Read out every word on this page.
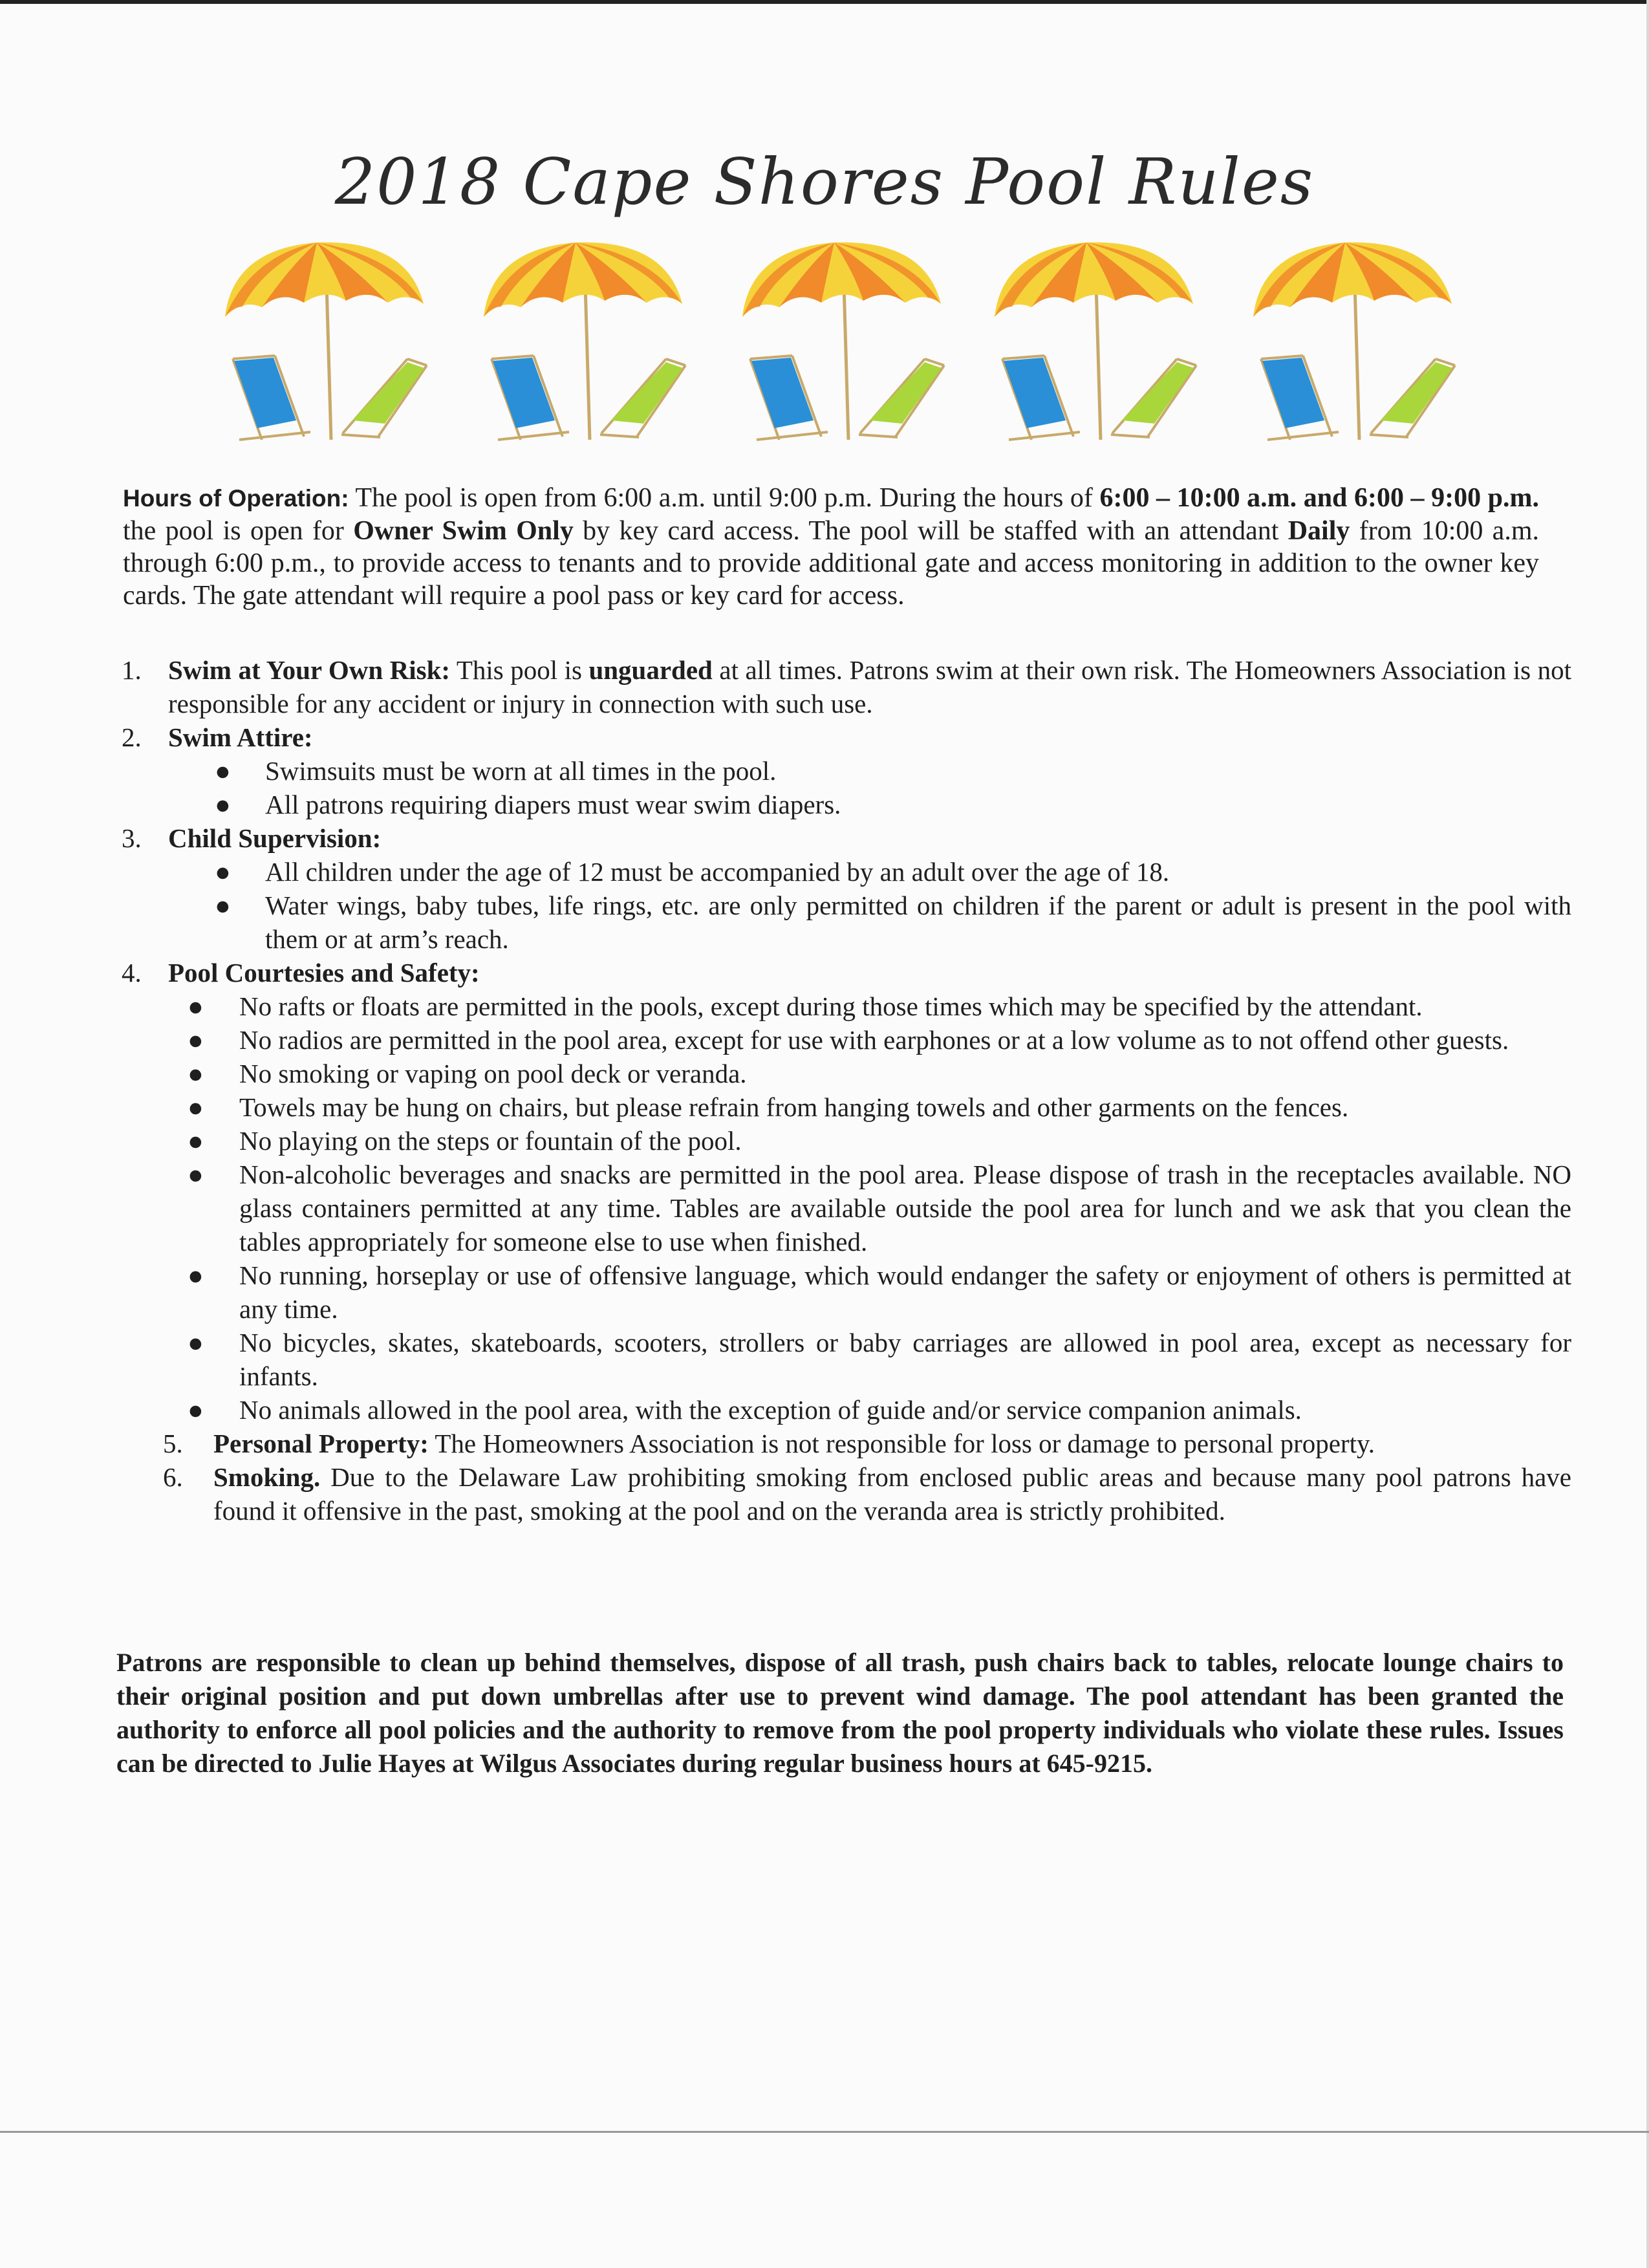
2018 Cape Shores Pool Rules

Hours of Operation: The pool is open from 6:00 a.m. until 9:00 p.m. During the hours of 6:00 – 10:00 a.m. and 6:00 – 9:00 p.m. the pool is open for Owner Swim Only by key card access. The pool will be staffed with an attendant Daily from 10:00 a.m. through 6:00 p.m., to provide access to tenants and to provide additional gate and access monitoring in addition to the owner key cards. The gate attendant will require a pool pass or key card for access.

1. Swim at Your Own Risk: This pool is unguarded at all times. Patrons swim at their own risk. The Homeowners Association is not responsible for any accident or injury in connection with such use.
2. Swim Attire:
● Swimsuits must be worn at all times in the pool.
● All patrons requiring diapers must wear swim diapers.
3. Child Supervision:
● All children under the age of 12 must be accompanied by an adult over the age of 18.
● Water wings, baby tubes, life rings, etc. are only permitted on children if the parent or adult is present in the pool with them or at arm’s reach.
4. Pool Courtesies and Safety:
● No rafts or floats are permitted in the pools, except during those times which may be specified by the attendant.
● No radios are permitted in the pool area, except for use with earphones or at a low volume as to not offend other guests.
● No smoking or vaping on pool deck or veranda.
● Towels may be hung on chairs, but please refrain from hanging towels and other garments on the fences.
● No playing on the steps or fountain of the pool.
● Non-alcoholic beverages and snacks are permitted in the pool area. Please dispose of trash in the receptacles available. NO glass containers permitted at any time. Tables are available outside the pool area for lunch and we ask that you clean the tables appropriately for someone else to use when finished.
● No running, horseplay or use of offensive language, which would endanger the safety or enjoyment of others is permitted at any time.
● No bicycles, skates, skateboards, scooters, strollers or baby carriages are allowed in pool area, except as necessary for infants.
● No animals allowed in the pool area, with the exception of guide and/or service companion animals.
5. Personal Property: The Homeowners Association is not responsible for loss or damage to personal property.
6. Smoking. Due to the Delaware Law prohibiting smoking from enclosed public areas and because many pool patrons have found it offensive in the past, smoking at the pool and on the veranda area is strictly prohibited.

Patrons are responsible to clean up behind themselves, dispose of all trash, push chairs back to tables, relocate lounge chairs to their original position and put down umbrellas after use to prevent wind damage. The pool attendant has been granted the authority to enforce all pool policies and the authority to remove from the pool property individuals who violate these rules. Issues can be directed to Julie Hayes at Wilgus Associates during regular business hours at 645-9215.
